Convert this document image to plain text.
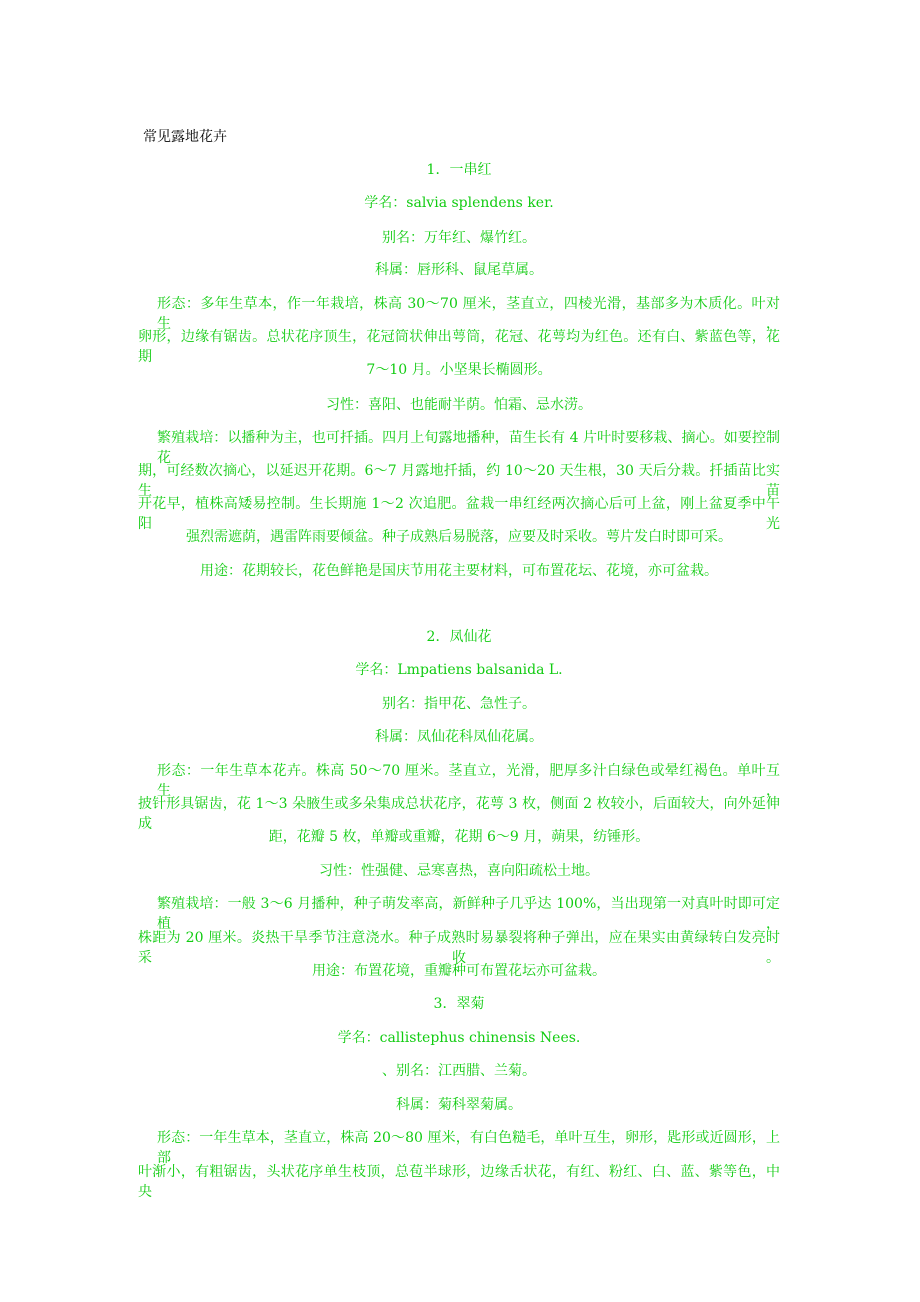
常见露地花卉
1．一串红
学名：salvia splendens ker.
别名：万年红、爆竹红。
科属：唇形科、鼠尾草属。
形态：多年生草本，作一年栽培，株高 30～70 厘米，茎直立，四棱光滑，基部多为木质化。叶对生，
卵形，边缘有锯齿。总状花序顶生，花冠筒状伸出萼筒，花冠、花萼均为红色。还有白、紫蓝色等，花期
7～10 月。小坚果长椭圆形。
习性：喜阳、也能耐半荫。怕霜、忌水涝。
繁殖栽培：以播种为主，也可扦插。四月上旬露地播种，苗生长有 4 片叶时要移栽、摘心。如要控制花
期，可经数次摘心，以延迟开花期。6～7 月露地扦插，约 10～20 天生根，30 天后分栽。扦插苗比实生苗
开花早，植株高矮易控制。生长期施 1～2 次追肥。盆栽一串红经两次摘心后可上盆，刚上盆夏季中午阳光
强烈需遮荫，遇雷阵雨要倾盆。种子成熟后易脱落，应要及时采收。萼片发白时即可采。
用途：花期较长，花色鲜艳是国庆节用花主要材料，可布置花坛、花境，亦可盆栽。
2．凤仙花
学名：Lmpatiens balsanida L.
别名：指甲花、急性子。
科属：凤仙花科凤仙花属。
形态：一年生草本花卉。株高 50～70 厘米。茎直立，光滑，肥厚多汁白绿色或晕红褐色。单叶互生，
披针形具锯齿，花 1～3 朵腋生或多朵集成总状花序，花萼 3 枚，侧面 2 枚较小，后面较大，向外延伸成
距，花瓣 5 枚，单瓣或重瓣，花期 6～9 月，蒴果，纺锤形。
习性：性强健、忌寒喜热，喜向阳疏松土地。
繁殖栽培：一般 3～6 月播种，种子萌发率高，新鲜种子几乎达 100%，当出现第一对真叶时即可定植，
株距为 20 厘米。炎热干旱季节注意浇水。种子成熟时易暴裂将种子弹出，应在果实由黄绿转白发亮时采收。
用途：布置花境，重瓣种可布置花坛亦可盆栽。
3．翠菊
学名：callistephus chinensis Nees.
、别名：江西腊、兰菊。
科属：菊科翠菊属。
形态：一年生草本，茎直立，株高 20～80 厘米，有白色糙毛，单叶互生，卵形，匙形或近圆形，上部
叶渐小，有粗锯齿，头状花序单生枝顶，总苞半球形，边缘舌状花，有红、粉红、白、蓝、紫等色，中央
